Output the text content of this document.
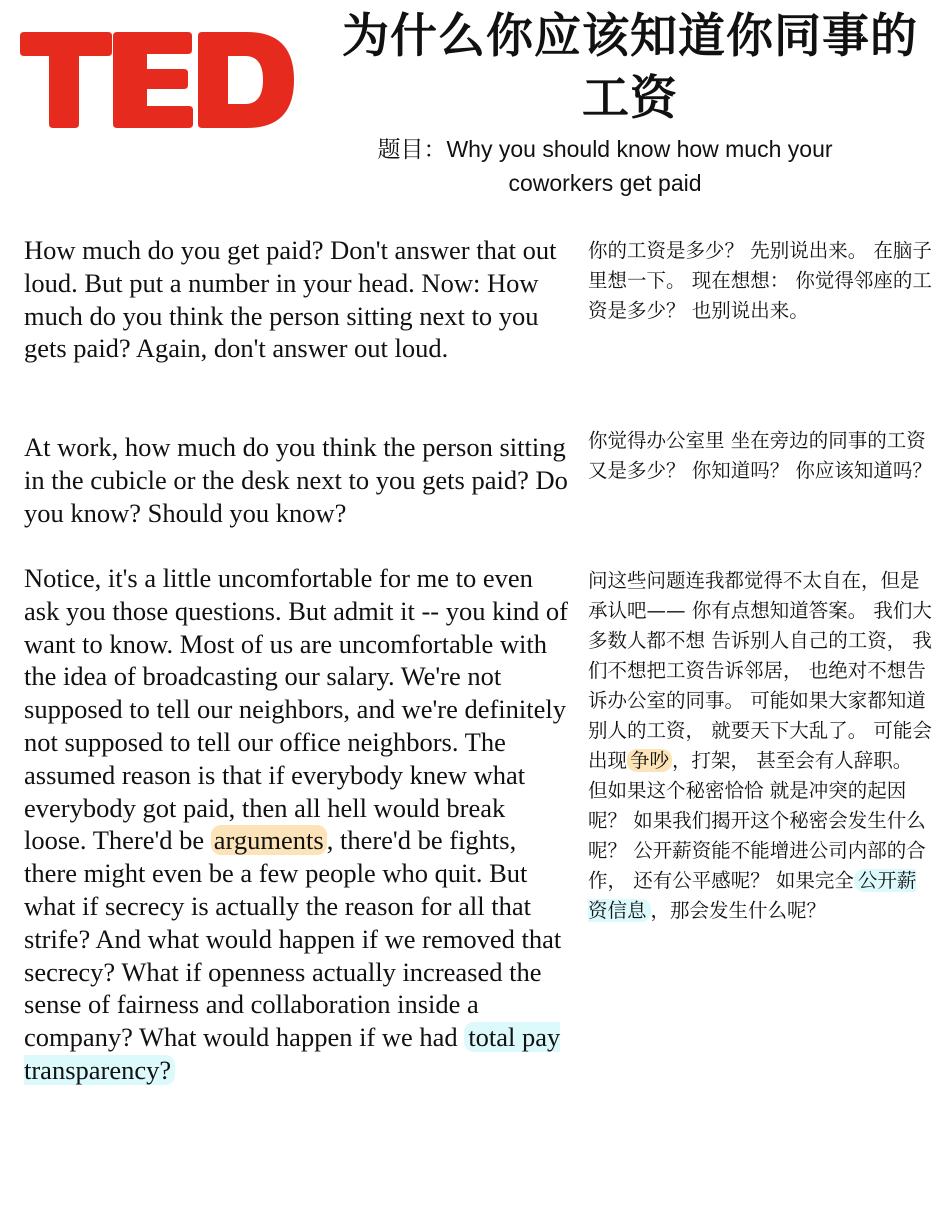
为什么你应该知道你同事的工资
题目：Why you should know how much your coworkers get paid
How much do you get paid? Don't answer that out loud. But put a number in your head. Now: How much do you think the person sitting next to you gets paid? Again, don't answer out loud.
At work, how much do you think the person sitting in the cubicle or the desk next to you gets paid? Do you know? Should you know?
Notice, it's a little uncomfortable for me to even ask you those questions. But admit it -- you kind of want to know. Most of us are uncomfortable with the idea of broadcasting our salary. We're not supposed to tell our neighbors, and we're definitely not supposed to tell our office neighbors. The assumed reason is that if everybody knew what everybody got paid, then all hell would break loose. There'd be arguments , there'd be fights, there might even be a few people who quit. But what if secrecy is actually the reason for all that strife? And what would happen if we removed that secrecy? What if openness actually increased the sense of fairness and collaboration inside a company? What would happen if we had total pay transparency?
你的工资是多少？ 先别说出来。 在脑子里想一下。 现在想想： 你觉得邻座的工资是多少？ 也别说出来。
你觉得办公室里 坐在旁边的同事的工资又是多少？ 你知道吗？ 你应该知道吗？
问这些问题连我都觉得不太自在，但是承认吧—— 你有点想知道答案。 我们大多数人都不想 告诉别人自己的工资， 我们不想把工资告诉邻居， 也绝对不想告诉办公室的同事。 可能如果大家都知道别人的工资， 就要天下大乱了。 可能会出现 争吵 ，打架， 甚至会有人辞职。 但如果这个秘密恰恰 就是冲突的起因呢？ 如果我们揭开这个秘密会发生什么呢？ 公开薪资能不能增进公司内部的合作， 还有公平感呢？ 如果完全 公开薪资信息 ，那会发生什么呢？
